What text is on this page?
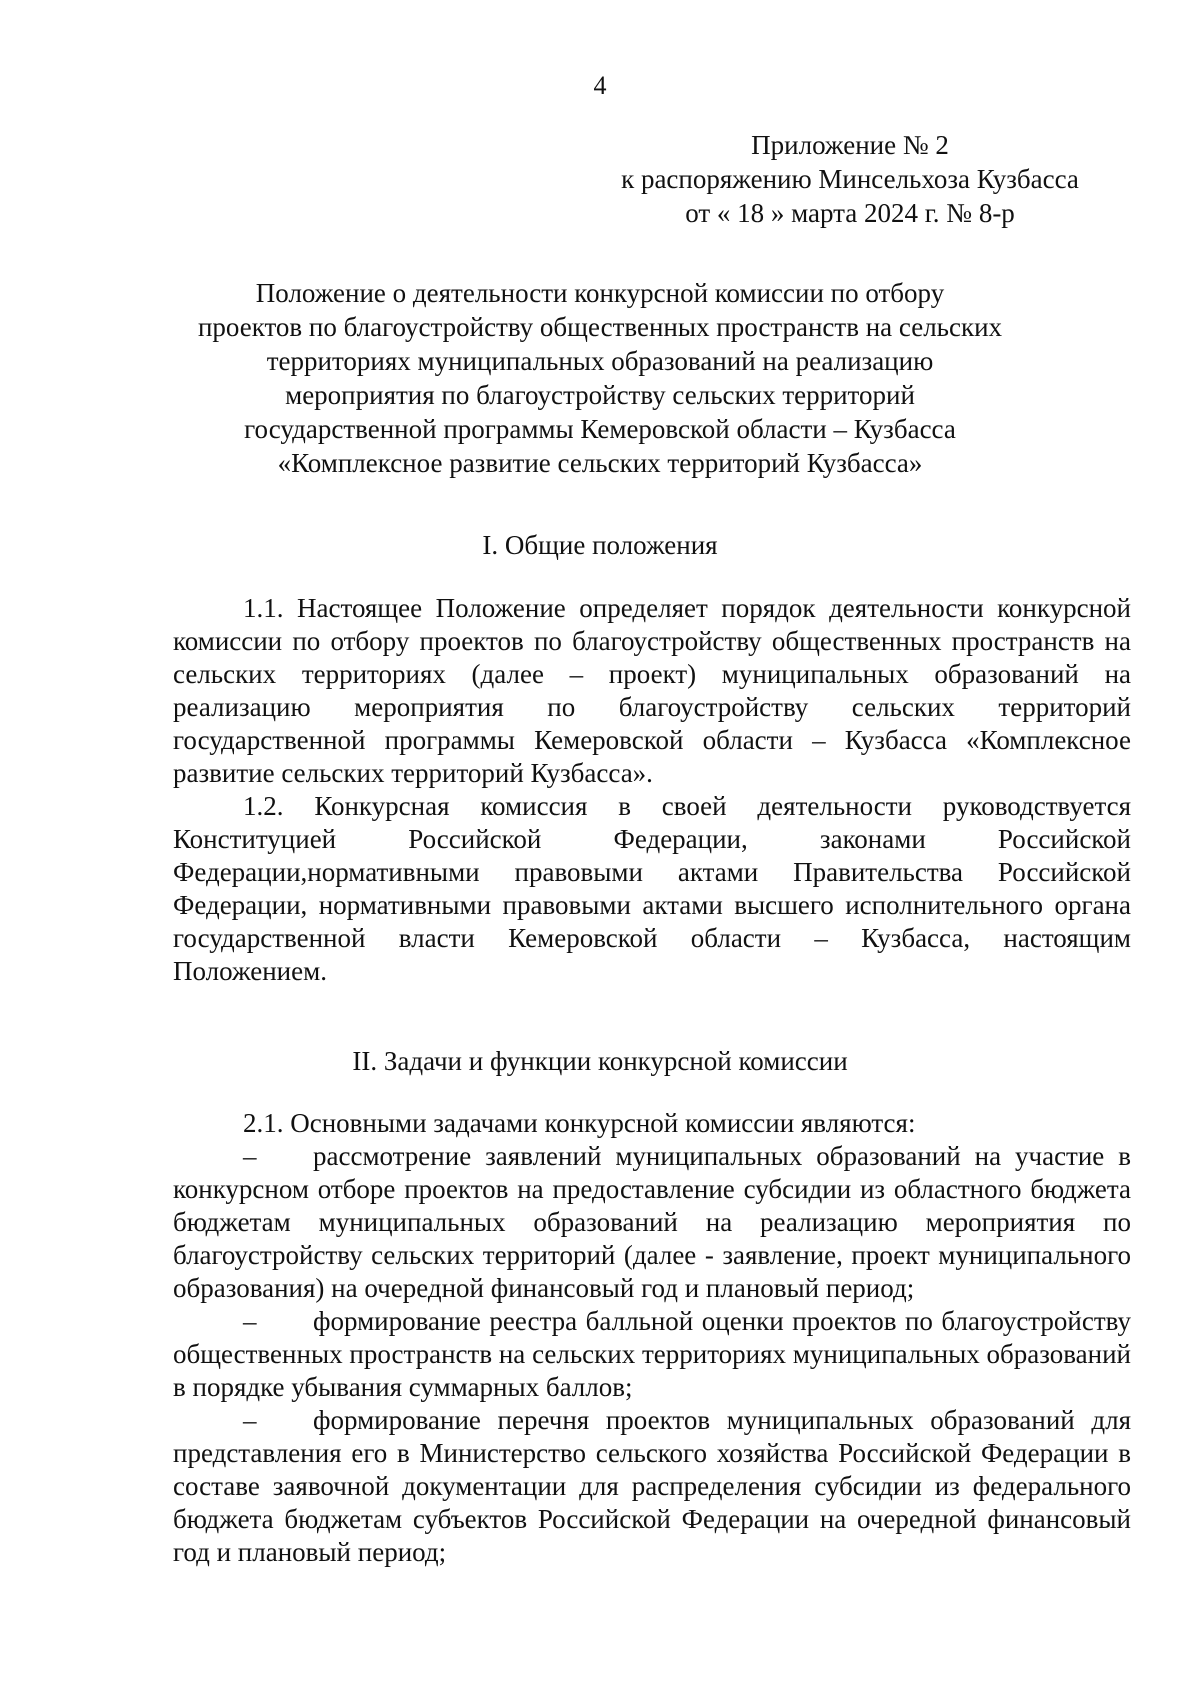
4
Приложение № 2
к распоряжению Минсельхоза Кузбасса
от « 18 » марта 2024 г. № 8-р
Положение о деятельности конкурсной комиссии по отбору
проектов по благоустройству общественных пространств на сельских
территориях муниципальных образований на реализацию
мероприятия по благоустройству сельских территорий
государственной программы Кемеровской области – Кузбасса
«Комплексное развитие сельских территорий Кузбасса»
I. Общие положения

1.1. Настоящее Положение определяет порядок деятельности конкурсной комиссии по отбору проектов по благоустройству общественных пространств на сельских территориях (далее – проект) муниципальных образований на реализацию мероприятия по благоустройству сельских территорий государственной программы Кемеровской области – Кузбасса «Комплексное развитие сельских территорий Кузбасса».

1.2. Конкурсная комиссия в своей деятельности руководствуется Конституцией Российской Федерации, законами Российской Федерации,нормативными правовыми актами Правительства Российской Федерации, нормативными правовыми актами высшего исполнительного органа государственной власти Кемеровской области – Кузбасса, настоящим Положением.

II. Задачи и функции конкурсной комиссии

2.1. Основными задачами конкурсной комиссии являются:

– рассмотрение заявлений муниципальных образований на участие в конкурсном отборе проектов на предоставление субсидии из областного бюджета бюджетам муниципальных образований на реализацию мероприятия по благоустройству сельских территорий (далее - заявление, проект муниципального образования) на очередной финансовый год и плановый период;

– формирование реестра балльной оценки проектов по благоустройству общественных пространств на сельских территориях муниципальных образований в порядке убывания суммарных баллов;

– формирование перечня проектов муниципальных образований для представления его в Министерство сельского хозяйства Российской Федерации в составе заявочной документации для распределения субсидии из федерального бюджета бюджетам субъектов Российской Федерации на очередной финансовый год и плановый период;
